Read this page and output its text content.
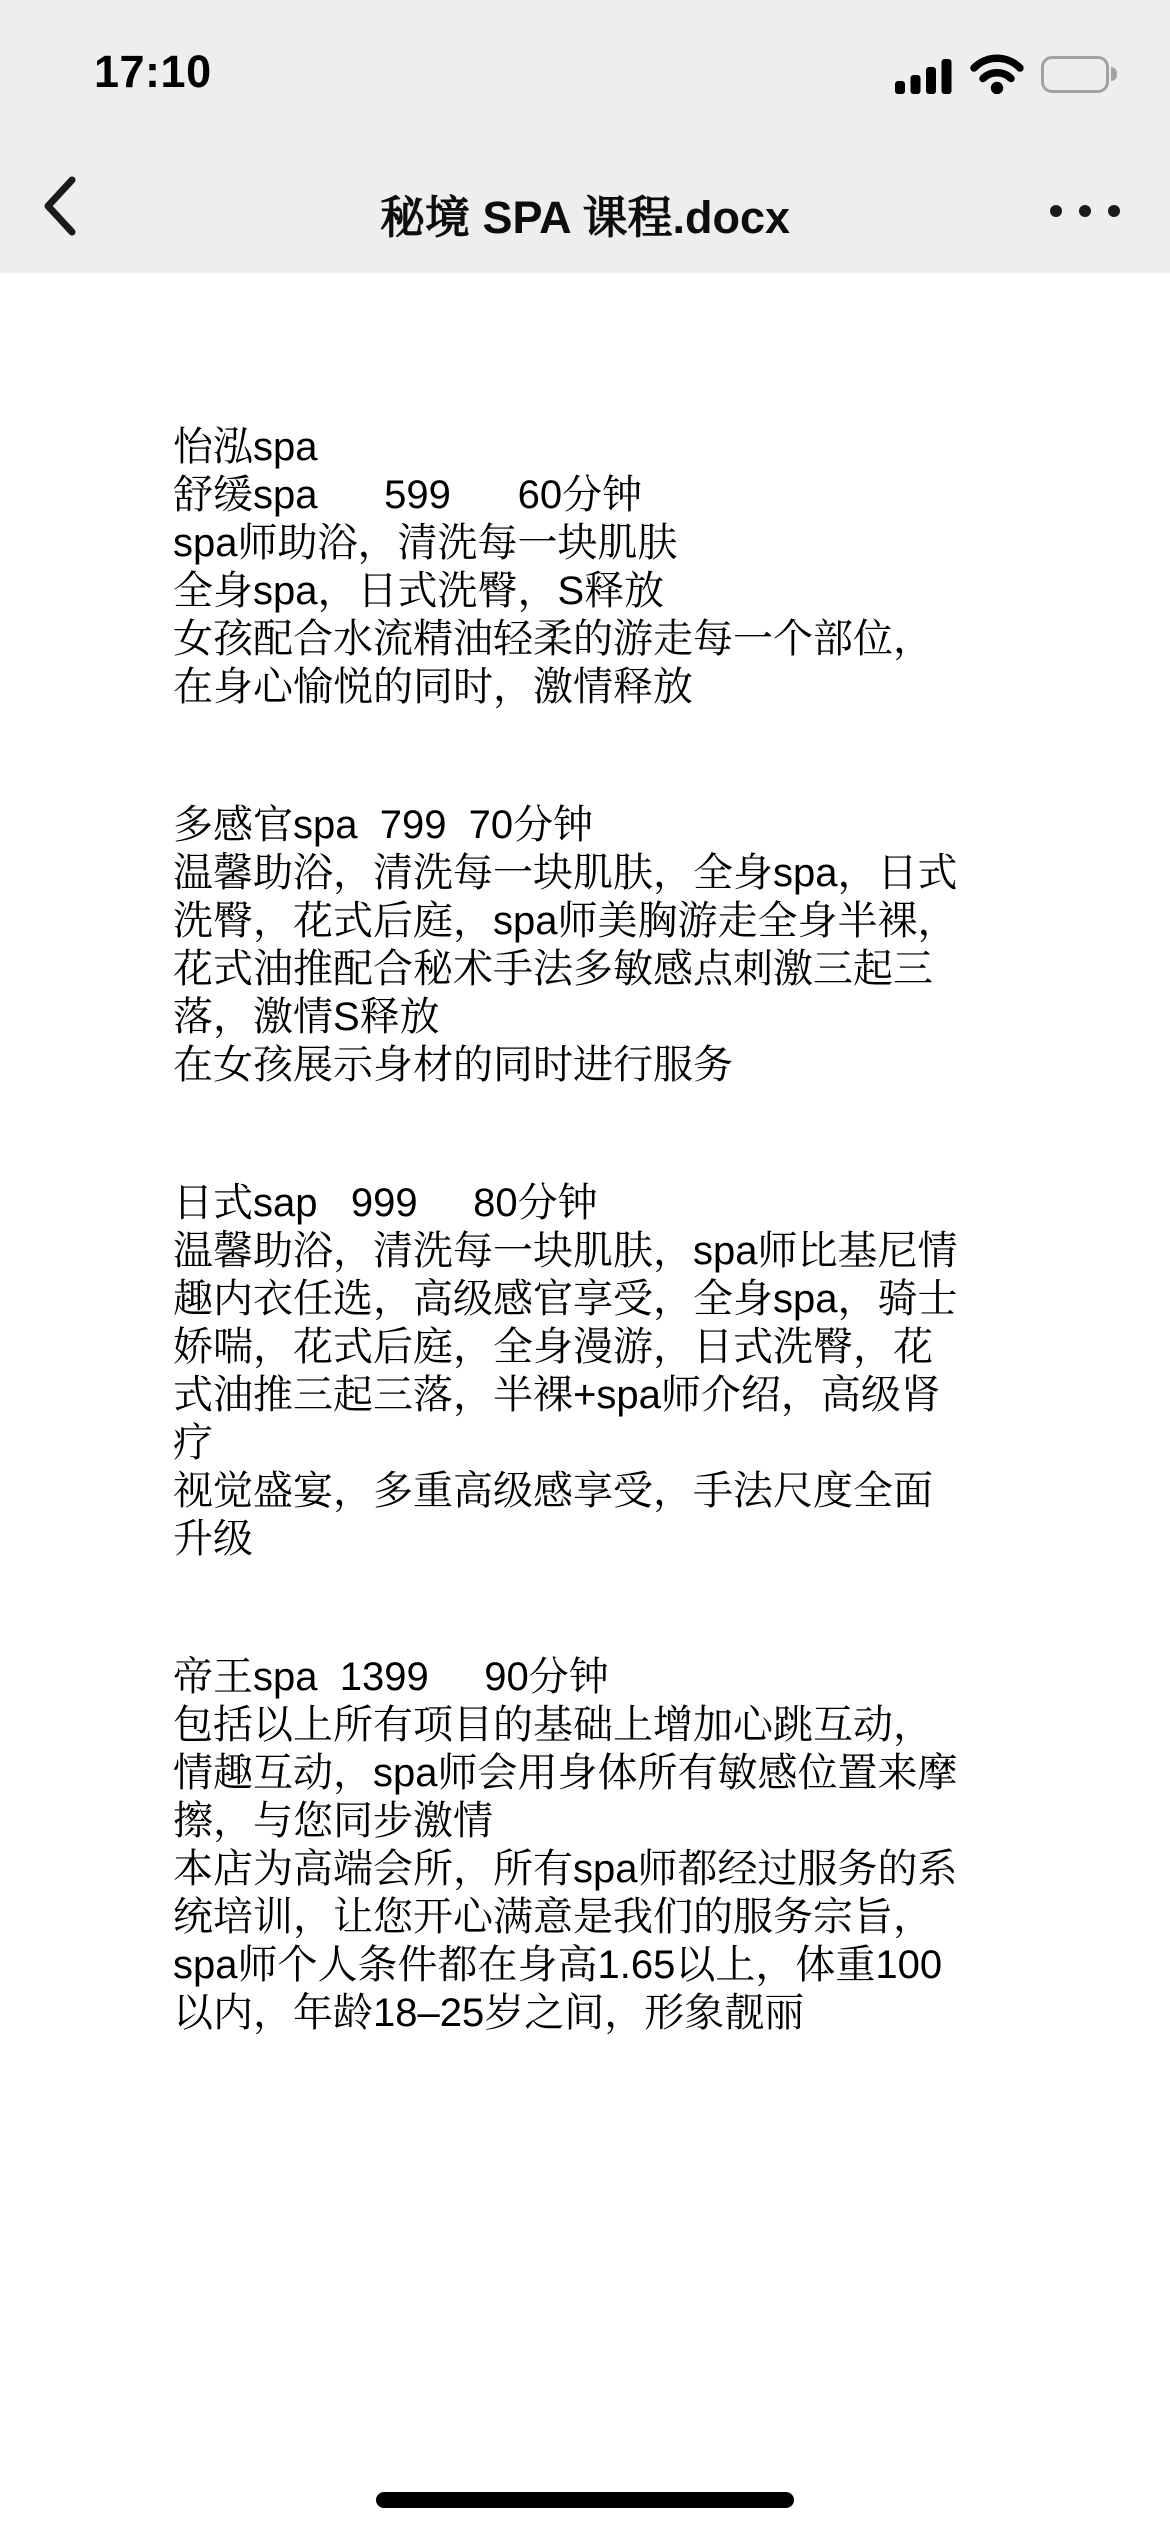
17:10
秘境 SPA 课程.docx
怡泓spa
舒缓spa      599      60分钟
spa师助浴，清洗每一块肌肤
全身spa，日式洗臀，S释放
女孩配合水流精油轻柔的游走每一个部位，
在身心愉悦的同时，激情释放
多感官spa  799  70分钟
温馨助浴，清洗每一块肌肤，全身spa，日式
洗臀，花式后庭，spa师美胸游走全身半裸，
花式油推配合秘术手法多敏感点刺激三起三
落，激情S释放
在女孩展示身材的同时进行服务
日式sap   999     80分钟
温馨助浴，清洗每一块肌肤，spa师比基尼情
趣内衣任选，高级感官享受，全身spa，骑士
娇喘，花式后庭，全身漫游，日式洗臀，花
式油推三起三落，半裸+spa师介绍，高级肾
疗
视觉盛宴，多重高级感享受，手法尺度全面
升级
帝王spa  1399     90分钟
包括以上所有项目的基础上增加心跳互动，
情趣互动，spa师会用身体所有敏感位置来摩
擦，与您同步激情
本店为高端会所，所有spa师都经过服务的系
统培训，让您开心满意是我们的服务宗旨，
spa师个人条件都在身高1.65以上，体重100
以内，年龄18–25岁之间，形象靓丽
